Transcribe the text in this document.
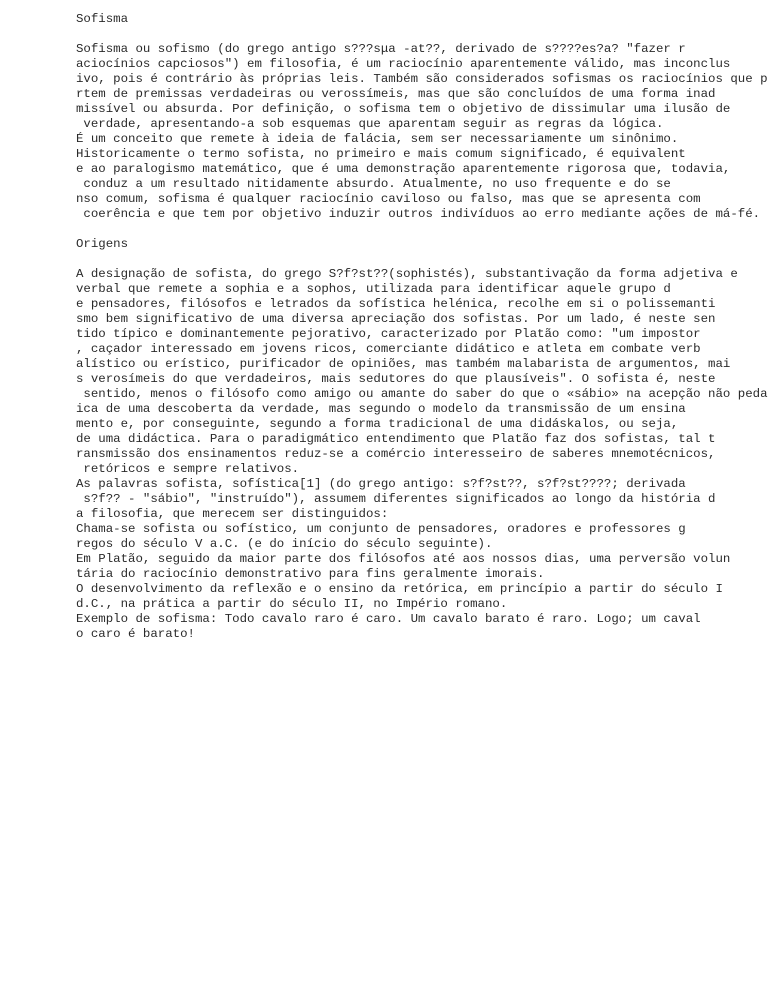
Sofisma
Sofisma ou sofismo (do grego antigo s???sμa -at??, derivado de s????es?a? "fazer r
aciocínios capciosos") em filosofia, é um raciocínio aparentemente válido, mas inconclus
ivo, pois é contrário às próprias leis. Também são considerados sofismas os raciocínios que p
rtem de premissas verdadeiras ou verossímeis, mas que são concluídos de uma forma inad
missível ou absurda. Por definição, o sofisma tem o objetivo de dissimular uma ilusão de
verdade, apresentando-a sob esquemas que aparentam seguir as regras da lógica.
É um conceito que remete à ideia de falácia, sem ser necessariamente um sinônimo.
Historicamente o termo sofista, no primeiro e mais comum significado, é equivalent
e ao paralogismo matemático, que é uma demonstração aparentemente rigorosa que, todavia,
conduz a um resultado nitidamente absurdo. Atualmente, no uso frequente e do se
nso comum, sofisma é qualquer raciocínio caviloso ou falso, mas que se apresenta com
coerência e que tem por objetivo induzir outros indivíduos ao erro mediante ações de má-fé.
Origens
A designação de sofista, do grego S?f?st??(sophistés), substantivação da forma adjetiva e
verbal que remete a sophia e a sophos, utilizada para identificar aquele grupo d
e pensadores, filósofos e letrados da sofística helénica, recolhe em si o polissemanti
smo bem significativo de uma diversa apreciação dos sofistas. Por um lado, é neste sen
tido típico e dominantemente pejorativo, caracterizado por Platão como: "um impostor
, caçador interessado em jovens ricos, comerciante didático e atleta em combate verb
alístico ou erístico, purificador de opiniões, mas também malabarista de argumentos, mai
s verosímeis do que verdadeiros, mais sedutores do que plausíveis". O sofista é, neste
sentido, menos o filósofo como amigo ou amante do saber do que o «sábio» na acepção não peda
ica de uma descoberta da verdade, mas segundo o modelo da transmissão de um ensina
mento e, por conseguinte, segundo a forma tradicional de uma didáskalos, ou seja,
de uma didáctica. Para o paradigmático entendimento que Platão faz dos sofistas, tal t
ransmissão dos ensinamentos reduz-se a comércio interesseiro de saberes mnemotécnicos,
retóricos e sempre relativos.
As palavras sofista, sofística[1] (do grego antigo: s?f?st??, s?f?st????; derivada
s?f?? - "sábio", "instruído"), assumem diferentes significados ao longo da história d
a filosofia, que merecem ser distinguidos:
Chama-se sofista ou sofístico, um conjunto de pensadores, oradores e professores g
regos do século V a.C. (e do início do século seguinte).
Em Platão, seguido da maior parte dos filósofos até aos nossos dias, uma perversão volun
tária do raciocínio demonstrativo para fins geralmente imorais.
O desenvolvimento da reflexão e o ensino da retórica, em princípio a partir do século I
d.C., na prática a partir do século II, no Império romano.
Exemplo de sofisma: Todo cavalo raro é caro. Um cavalo barato é raro. Logo; um caval
o caro é barato!
